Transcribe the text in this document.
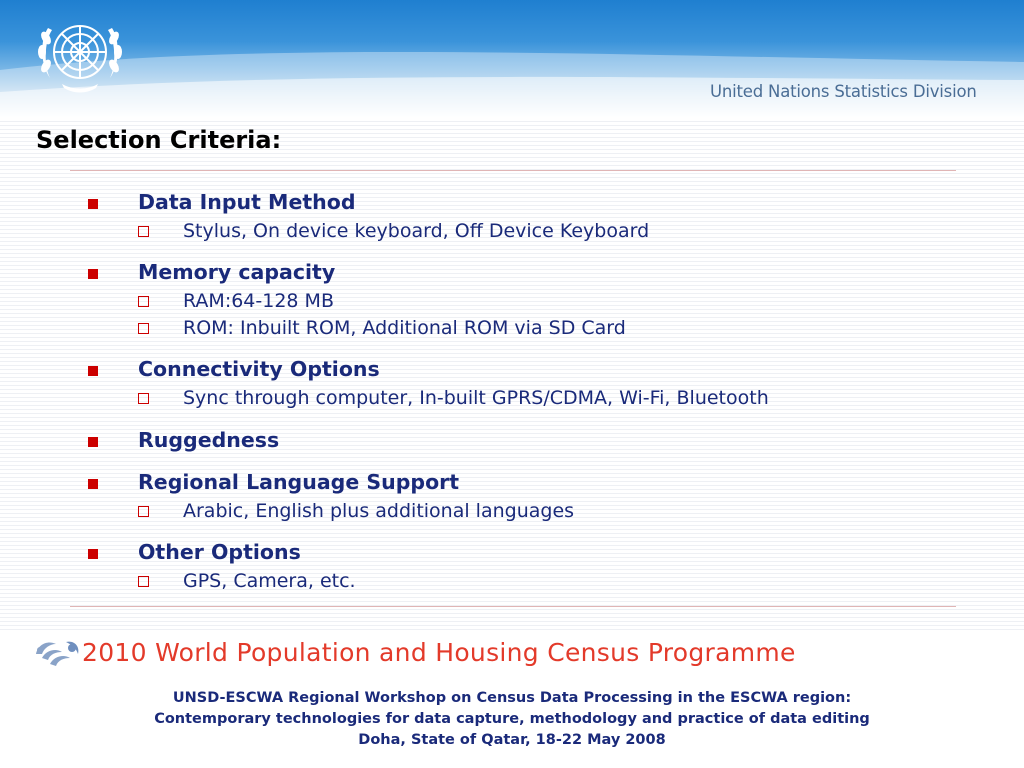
United Nations Statistics Division
Selection Criteria:
Data Input Method
Stylus, On device keyboard, Off Device Keyboard
Memory capacity
RAM:64-128 MB
ROM: Inbuilt ROM, Additional ROM via SD Card
Connectivity Options
Sync through computer, In-built GPRS/CDMA, Wi-Fi, Bluetooth
Ruggedness
Regional Language Support
Arabic, English plus additional languages
Other Options
GPS, Camera, etc.
2010 World Population and Housing Census Programme
UNSD-ESCWA Regional Workshop on Census Data Processing in the ESCWA region:
Contemporary technologies for data capture, methodology and practice of data editing
Doha, State of Qatar, 18-22 May 2008
